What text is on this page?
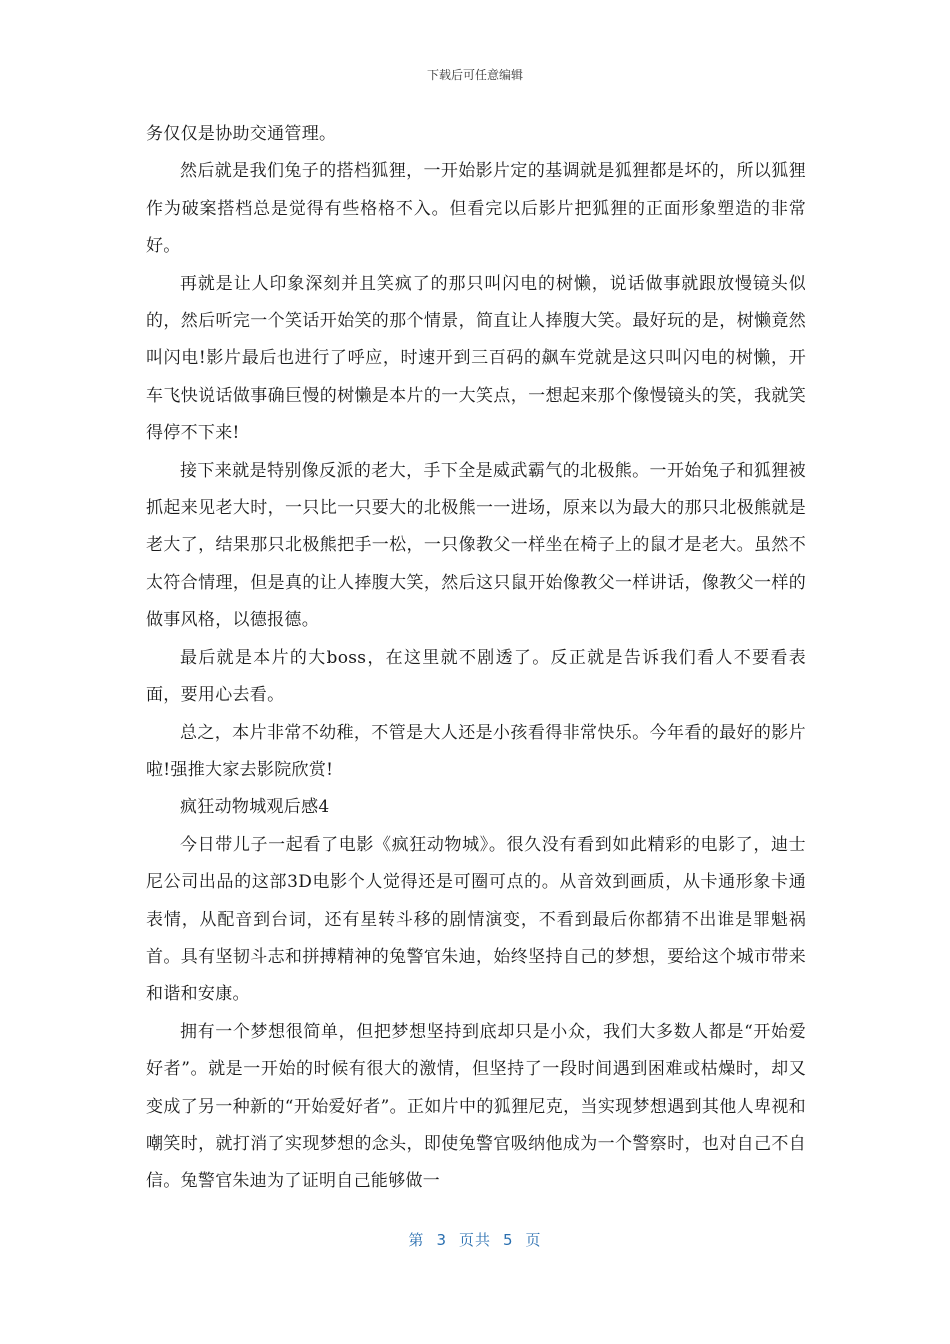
下载后可任意编辑

务仅仅是协助交通管理。

然后就是我们兔子的搭档狐狸，一开始影片定的基调就是狐狸都是坏的，所以狐狸作为破案搭档总是觉得有些格格不入。但看完以后影片把狐狸的正面形象塑造的非常好。

再就是让人印象深刻并且笑疯了的那只叫闪电的树懒，说话做事就跟放慢镜头似的，然后听完一个笑话开始笑的那个情景，简直让人捧腹大笑。最好玩的是，树懒竟然叫闪电!影片最后也进行了呼应，时速开到三百码的飙车党就是这只叫闪电的树懒，开车飞快说话做事确巨慢的树懒是本片的一大笑点，一想起来那个像慢镜头的笑，我就笑得停不下来!

接下来就是特别像反派的老大，手下全是威武霸气的北极熊。一开始兔子和狐狸被抓起来见老大时，一只比一只要大的北极熊一一进场，原来以为最大的那只北极熊就是老大了，结果那只北极熊把手一松，一只像教父一样坐在椅子上的鼠才是老大。虽然不太符合情理，但是真的让人捧腹大笑，然后这只鼠开始像教父一样讲话，像教父一样的做事风格，以德报德。

最后就是本片的大boss，在这里就不剧透了。反正就是告诉我们看人不要看表面，要用心去看。

总之，本片非常不幼稚，不管是大人还是小孩看得非常快乐。今年看的最好的影片啦!强推大家去影院欣赏!

疯狂动物城观后感4

今日带儿子一起看了电影《疯狂动物城》。很久没有看到如此精彩的电影了，迪士尼公司出品的这部3D电影个人觉得还是可圈可点的。从音效到画质，从卡通形象卡通表情，从配音到台词，还有星转斗移的剧情演变，不看到最后你都猜不出谁是罪魁祸首。具有坚韧斗志和拼搏精神的兔警官朱迪，始终坚持自己的梦想，要给这个城市带来和谐和安康。

拥有一个梦想很简单，但把梦想坚持到底却只是小众，我们大多数人都是“开始爱好者”。就是一开始的时候有很大的激情，但坚持了一段时间遇到困难或枯燥时，却又变成了另一种新的“开始爱好者”。正如片中的狐狸尼克，当实现梦想遇到其他人卑视和嘲笑时，就打消了实现梦想的念头，即使兔警官吸纳他成为一个警察时，也对自己不自信。兔警官朱迪为了证明自己能够做一

第 3 页共 5 页
